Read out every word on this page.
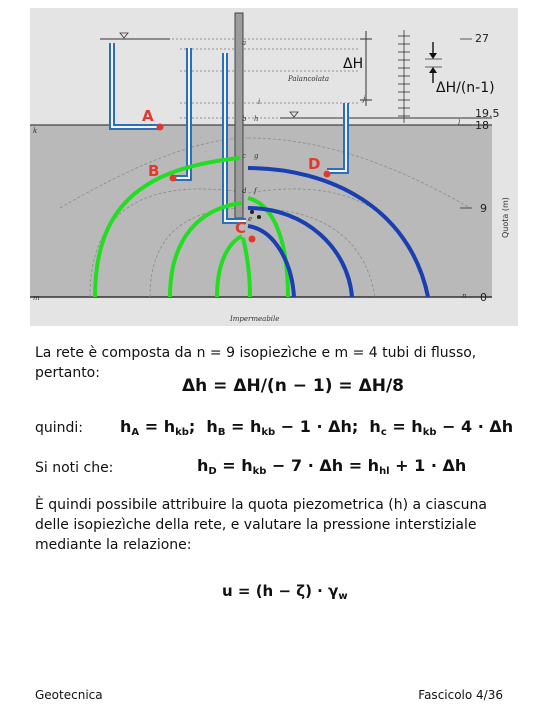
A
B
C
D
a
Palancolata
i
b h
c g
d f
e
k
l
m	n
j
Impermeabile
ΔH
ΔH/(n-1)
27
19.5
18
9
0
Quota (m)

La rete è composta da n = 9 isopiezìche e m = 4 tubi di flusso, pertanto:

Δh = ΔH/(n − 1) = ΔH/8

quindi:	$h_A = h_{kb}$;  $h_B = h_{kb} - 1 \cdot \Delta h$;  $h_c = h_{kb} - 4 \cdot \Delta h$

Si noti che:	$h_D = h_{kb} - 7 \cdot \Delta h = h_{hl} + 1 \cdot \Delta h$

È quindi possibile attribuire la quota piezometrica (h) a ciascuna delle isopiezìche della rete, e valutare la pressione interstiziale mediante la relazione:

$u = (h - \zeta) \cdot \gamma_w$
Geotecnica	Fascicolo 4/36
